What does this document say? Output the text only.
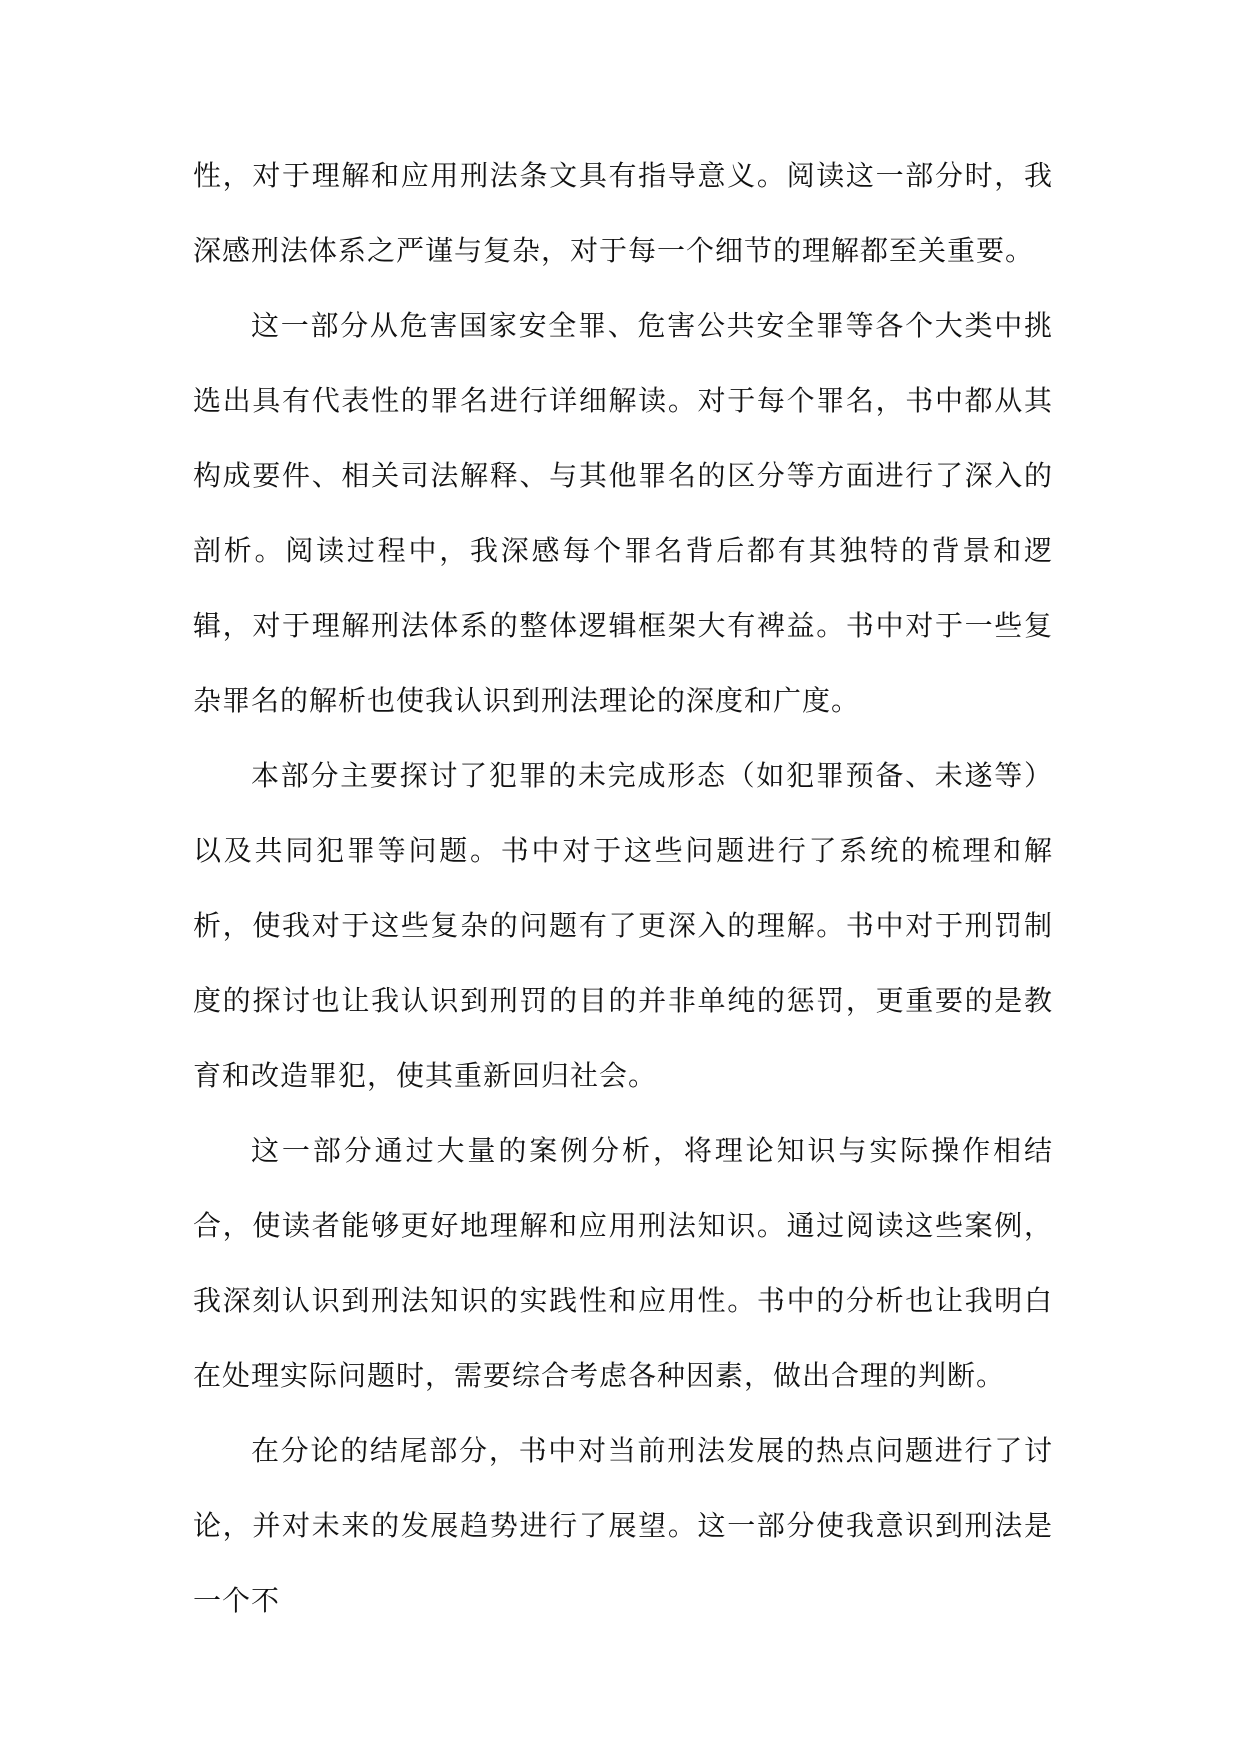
性，对于理解和应用刑法条文具有指导意义。阅读这一部分时，我深感刑法体系之严谨与复杂，对于每一个细节的理解都至关重要。

这一部分从危害国家安全罪、危害公共安全罪等各个大类中挑选出具有代表性的罪名进行详细解读。对于每个罪名，书中都从其构成要件、相关司法解释、与其他罪名的区分等方面进行了深入的剖析。阅读过程中，我深感每个罪名背后都有其独特的背景和逻辑，对于理解刑法体系的整体逻辑框架大有裨益。书中对于一些复杂罪名的解析也使我认识到刑法理论的深度和广度。

本部分主要探讨了犯罪的未完成形态（如犯罪预备、未遂等）以及共同犯罪等问题。书中对于这些问题进行了系统的梳理和解析，使我对于这些复杂的问题有了更深入的理解。书中对于刑罚制度的探讨也让我认识到刑罚的目的并非单纯的惩罚，更重要的是教育和改造罪犯，使其重新回归社会。

这一部分通过大量的案例分析，将理论知识与实际操作相结合，使读者能够更好地理解和应用刑法知识。通过阅读这些案例，我深刻认识到刑法知识的实践性和应用性。书中的分析也让我明白在处理实际问题时，需要综合考虑各种因素，做出合理的判断。

在分论的结尾部分，书中对当前刑法发展的热点问题进行了讨论，并对未来的发展趋势进行了展望。这一部分使我意识到刑法是一个不
